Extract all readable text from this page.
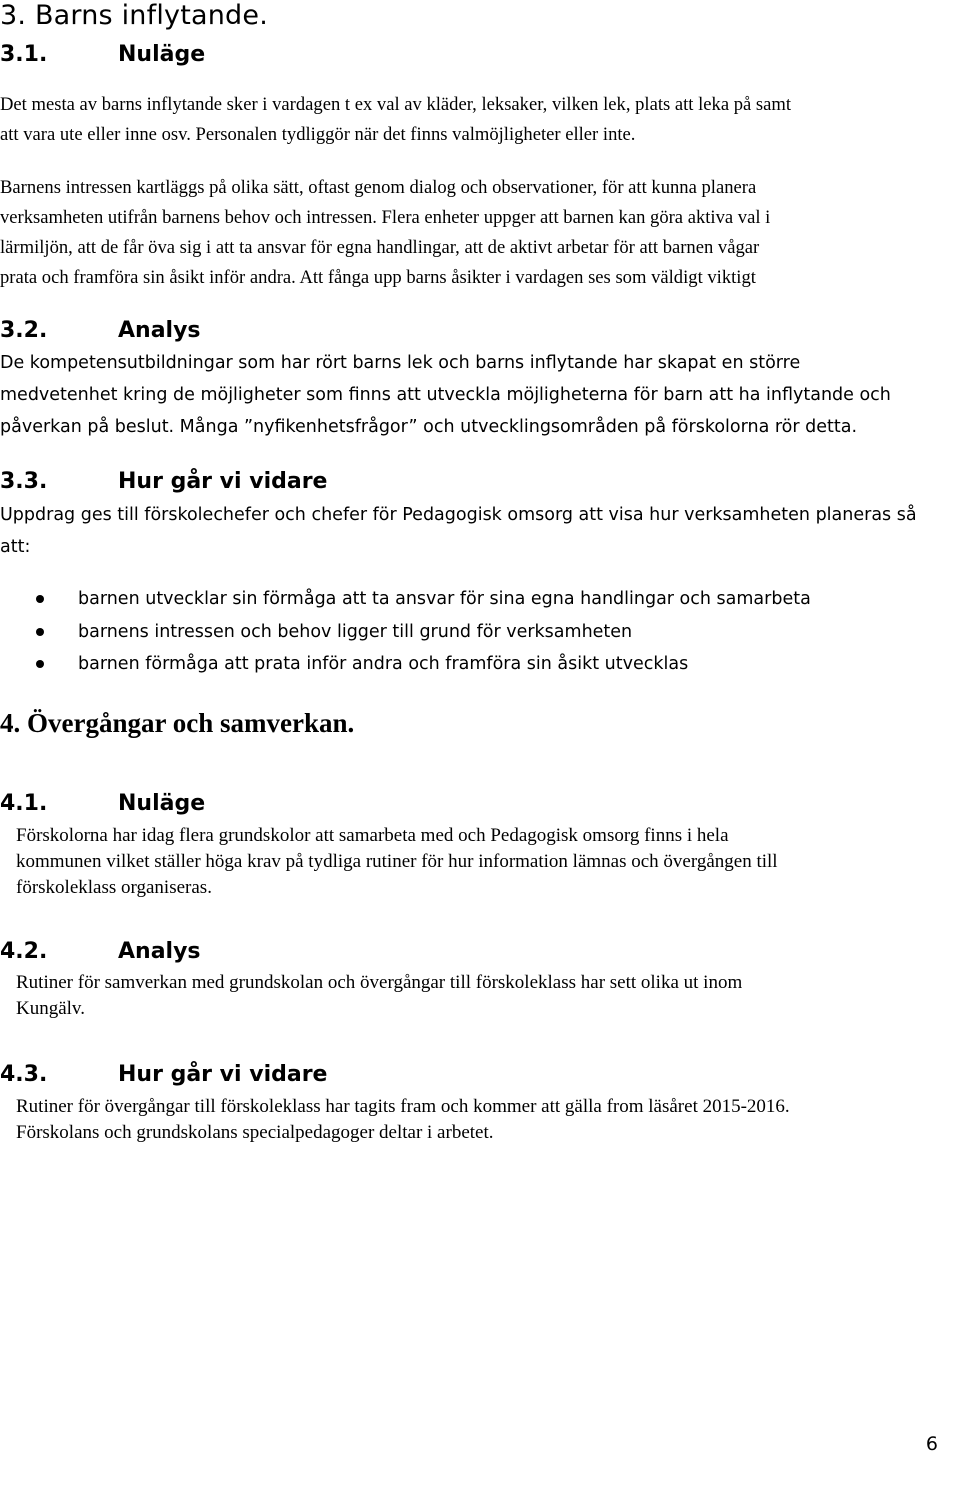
3. Barns inflytande.
3.1.	Nuläge
Det mesta av barns inflytande sker i vardagen t ex val av kläder, leksaker, vilken lek, plats att leka på samt
att vara ute eller inne osv. Personalen tydliggör när det finns valmöjligheter eller inte.
Barnens intressen kartläggs på olika sätt, oftast genom dialog och observationer, för att kunna planera
verksamheten utifrån barnens behov och intressen. Flera enheter uppger att barnen kan göra aktiva val i
lärmiljön, att de får öva sig i att ta ansvar för egna handlingar, att de aktivt arbetar för att barnen vågar
prata och framföra sin åsikt inför andra. Att fånga upp barns åsikter i vardagen ses som väldigt viktigt
3.2.	Analys
De kompetensutbildningar som har rört barns lek och barns inflytande har skapat en större
medvetenhet kring de möjligheter som finns att utveckla möjligheterna för barn att ha inflytande och
påverkan på beslut. Många ”nyfikenhetsfrågor” och utvecklingsområden på förskolorna rör detta.
3.3.	Hur går vi vidare
Uppdrag ges till förskolechefer och chefer för Pedagogisk omsorg att visa hur verksamheten planeras så
att:
barnen utvecklar sin förmåga att ta ansvar för sina egna handlingar och samarbeta
barnens intressen och behov ligger till grund för verksamheten
barnen förmåga att prata inför andra och framföra sin åsikt utvecklas
4. Övergångar och samverkan.
4.1.	Nuläge
Förskolorna har idag flera grundskolor att samarbeta med och Pedagogisk omsorg finns i hela
kommunen vilket ställer höga krav på tydliga rutiner för hur information lämnas och övergången till
förskoleklass organiseras.
4.2.	Analys
Rutiner för samverkan med grundskolan och övergångar till förskoleklass har sett olika ut inom
Kungälv.
4.3.	Hur går vi vidare
Rutiner för övergångar till förskoleklass har tagits fram och kommer att gälla from läsåret 2015-2016.
Förskolans och grundskolans specialpedagoger deltar i arbetet.
6
